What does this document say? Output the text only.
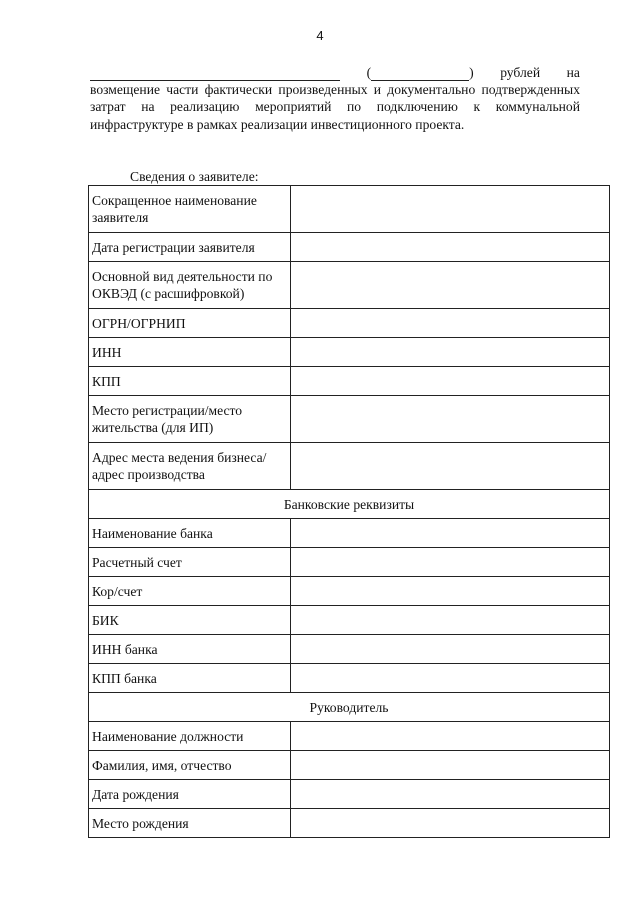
4
(	) рублей на
возмещение части фактически произведенных и документально подтвержденных затрат на реализацию мероприятий по подключению к коммунальной инфраструктуре в рамках реализации инвестиционного проекта.
Сведения о заявителе:
Сокращенное наименование заявителя	
Дата регистрации заявителя	
Основной вид деятельности по ОКВЭД (с расшифровкой)	
ОГРН/ОГРНИП	
ИНН	
КПП	
Место регистрации/место жительства (для ИП)	
Адрес места ведения бизнеса/адрес производства	
Банковские реквизиты	
Наименование банка	
Расчетный счет	
Кор/счет	
БИК	
ИНН банка	
КПП банка	
Руководитель	
Наименование должности	
Фамилия, имя, отчество	
Дата рождения	
Место рождения	
